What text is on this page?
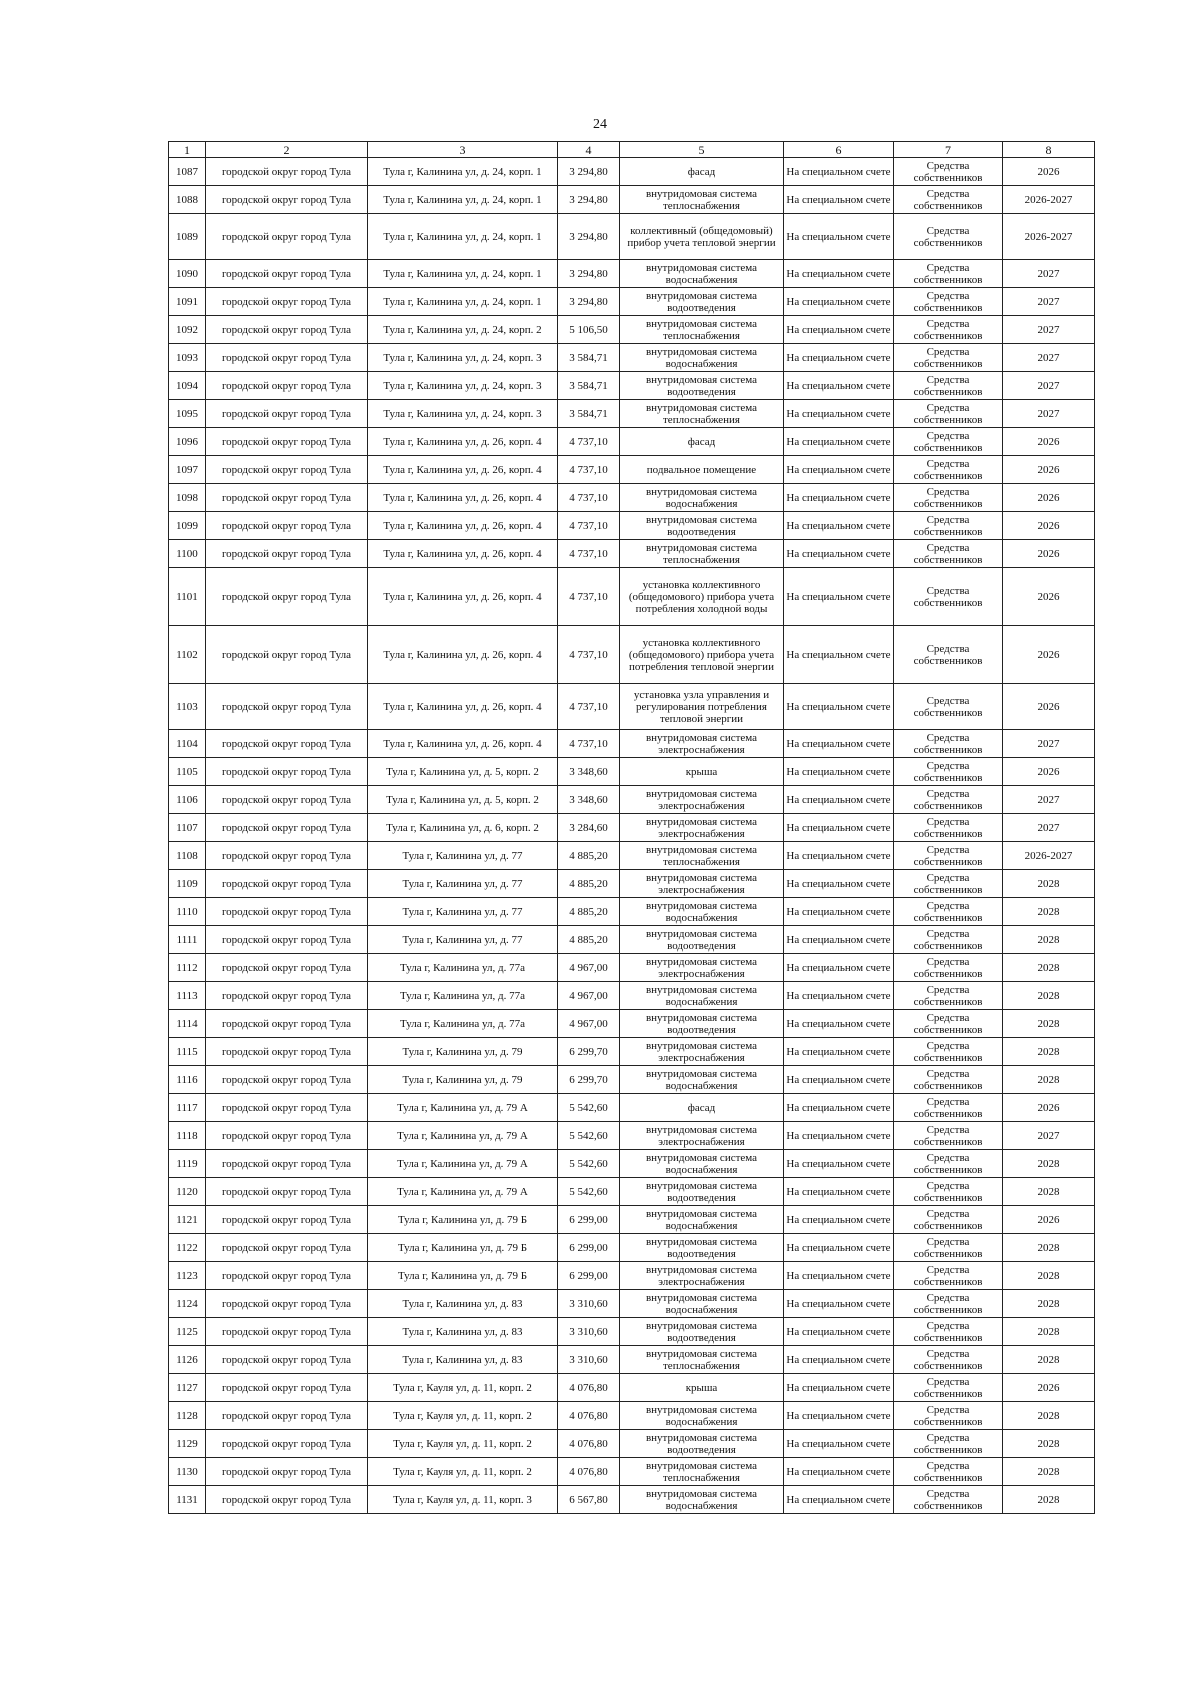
24
1	2	3	4	5	6	7	8
1087	городской округ город Тула	Тула г, Калинина ул, д. 24, корп. 1	3 294,80	фасад	На специальном счете	Средства собственников	2026
1088	городской округ город Тула	Тула г, Калинина ул, д. 24, корп. 1	3 294,80	внутридомовая система теплоснабжения	На специальном счете	Средства собственников	2026-2027
1089	городской округ город Тула	Тула г, Калинина ул, д. 24, корп. 1	3 294,80	коллективный (общедомовый) прибор учета тепловой энергии	На специальном счете	Средства собственников	2026-2027
1090	городской округ город Тула	Тула г, Калинина ул, д. 24, корп. 1	3 294,80	внутридомовая система водоснабжения	На специальном счете	Средства собственников	2027
1091	городской округ город Тула	Тула г, Калинина ул, д. 24, корп. 1	3 294,80	внутридомовая система водоотведения	На специальном счете	Средства собственников	2027
1092	городской округ город Тула	Тула г, Калинина ул, д. 24, корп. 2	5 106,50	внутридомовая система теплоснабжения	На специальном счете	Средства собственников	2027
1093	городской округ город Тула	Тула г, Калинина ул, д. 24, корп. 3	3 584,71	внутридомовая система водоснабжения	На специальном счете	Средства собственников	2027
1094	городской округ город Тула	Тула г, Калинина ул, д. 24, корп. 3	3 584,71	внутридомовая система водоотведения	На специальном счете	Средства собственников	2027
1095	городской округ город Тула	Тула г, Калинина ул, д. 24, корп. 3	3 584,71	внутридомовая система теплоснабжения	На специальном счете	Средства собственников	2027
1096	городской округ город Тула	Тула г, Калинина ул, д. 26, корп. 4	4 737,10	фасад	На специальном счете	Средства собственников	2026
1097	городской округ город Тула	Тула г, Калинина ул, д. 26, корп. 4	4 737,10	подвальное помещение	На специальном счете	Средства собственников	2026
1098	городской округ город Тула	Тула г, Калинина ул, д. 26, корп. 4	4 737,10	внутридомовая система водоснабжения	На специальном счете	Средства собственников	2026
1099	городской округ город Тула	Тула г, Калинина ул, д. 26, корп. 4	4 737,10	внутридомовая система водоотведения	На специальном счете	Средства собственников	2026
1100	городской округ город Тула	Тула г, Калинина ул, д. 26, корп. 4	4 737,10	внутридомовая система теплоснабжения	На специальном счете	Средства собственников	2026
1101	городской округ город Тула	Тула г, Калинина ул, д. 26, корп. 4	4 737,10	установка коллективного (общедомового) прибора учета потребления холодной воды	На специальном счете	Средства собственников	2026
1102	городской округ город Тула	Тула г, Калинина ул, д. 26, корп. 4	4 737,10	установка коллективного (общедомового) прибора учета потребления тепловой энергии	На специальном счете	Средства собственников	2026
1103	городской округ город Тула	Тула г, Калинина ул, д. 26, корп. 4	4 737,10	установка узла управления и регулирования потребления тепловой энергии	На специальном счете	Средства собственников	2026
1104	городской округ город Тула	Тула г, Калинина ул, д. 26, корп. 4	4 737,10	внутридомовая система электроснабжения	На специальном счете	Средства собственников	2027
1105	городской округ город Тула	Тула г, Калинина ул, д. 5, корп. 2	3 348,60	крыша	На специальном счете	Средства собственников	2026
1106	городской округ город Тула	Тула г, Калинина ул, д. 5, корп. 2	3 348,60	внутридомовая система электроснабжения	На специальном счете	Средства собственников	2027
1107	городской округ город Тула	Тула г, Калинина ул, д. 6, корп. 2	3 284,60	внутридомовая система электроснабжения	На специальном счете	Средства собственников	2027
1108	городской округ город Тула	Тула г, Калинина ул, д. 77	4 885,20	внутридомовая система теплоснабжения	На специальном счете	Средства собственников	2026-2027
1109	городской округ город Тула	Тула г, Калинина ул, д. 77	4 885,20	внутридомовая система электроснабжения	На специальном счете	Средства собственников	2028
1110	городской округ город Тула	Тула г, Калинина ул, д. 77	4 885,20	внутридомовая система водоснабжения	На специальном счете	Средства собственников	2028
1111	городской округ город Тула	Тула г, Калинина ул, д. 77	4 885,20	внутридомовая система водоотведения	На специальном счете	Средства собственников	2028
1112	городской округ город Тула	Тула г, Калинина ул, д. 77а	4 967,00	внутридомовая система электроснабжения	На специальном счете	Средства собственников	2028
1113	городской округ город Тула	Тула г, Калинина ул, д. 77а	4 967,00	внутридомовая система водоснабжения	На специальном счете	Средства собственников	2028
1114	городской округ город Тула	Тула г, Калинина ул, д. 77а	4 967,00	внутридомовая система водоотведения	На специальном счете	Средства собственников	2028
1115	городской округ город Тула	Тула г, Калинина ул, д. 79	6 299,70	внутридомовая система электроснабжения	На специальном счете	Средства собственников	2028
1116	городской округ город Тула	Тула г, Калинина ул, д. 79	6 299,70	внутридомовая система водоснабжения	На специальном счете	Средства собственников	2028
1117	городской округ город Тула	Тула г, Калинина ул, д. 79 А	5 542,60	фасад	На специальном счете	Средства собственников	2026
1118	городской округ город Тула	Тула г, Калинина ул, д. 79 А	5 542,60	внутридомовая система электроснабжения	На специальном счете	Средства собственников	2027
1119	городской округ город Тула	Тула г, Калинина ул, д. 79 А	5 542,60	внутридомовая система водоснабжения	На специальном счете	Средства собственников	2028
1120	городской округ город Тула	Тула г, Калинина ул, д. 79 А	5 542,60	внутридомовая система водоотведения	На специальном счете	Средства собственников	2028
1121	городской округ город Тула	Тула г, Калинина ул, д. 79 Б	6 299,00	внутридомовая система водоснабжения	На специальном счете	Средства собственников	2026
1122	городской округ город Тула	Тула г, Калинина ул, д. 79 Б	6 299,00	внутридомовая система водоотведения	На специальном счете	Средства собственников	2028
1123	городской округ город Тула	Тула г, Калинина ул, д. 79 Б	6 299,00	внутридомовая система электроснабжения	На специальном счете	Средства собственников	2028
1124	городской округ город Тула	Тула г, Калинина ул, д. 83	3 310,60	внутридомовая система водоснабжения	На специальном счете	Средства собственников	2028
1125	городской округ город Тула	Тула г, Калинина ул, д. 83	3 310,60	внутридомовая система водоотведения	На специальном счете	Средства собственников	2028
1126	городской округ город Тула	Тула г, Калинина ул, д. 83	3 310,60	внутридомовая система теплоснабжения	На специальном счете	Средства собственников	2028
1127	городской округ город Тула	Тула г, Кауля ул, д. 11, корп. 2	4 076,80	крыша	На специальном счете	Средства собственников	2026
1128	городской округ город Тула	Тула г, Кауля ул, д. 11, корп. 2	4 076,80	внутридомовая система водоснабжения	На специальном счете	Средства собственников	2028
1129	городской округ город Тула	Тула г, Кауля ул, д. 11, корп. 2	4 076,80	внутридомовая система водоотведения	На специальном счете	Средства собственников	2028
1130	городской округ город Тула	Тула г, Кауля ул, д. 11, корп. 2	4 076,80	внутридомовая система теплоснабжения	На специальном счете	Средства собственников	2028
1131	городской округ город Тула	Тула г, Кауля ул, д. 11, корп. 3	6 567,80	внутридомовая система водоснабжения	На специальном счете	Средства собственников	2028
